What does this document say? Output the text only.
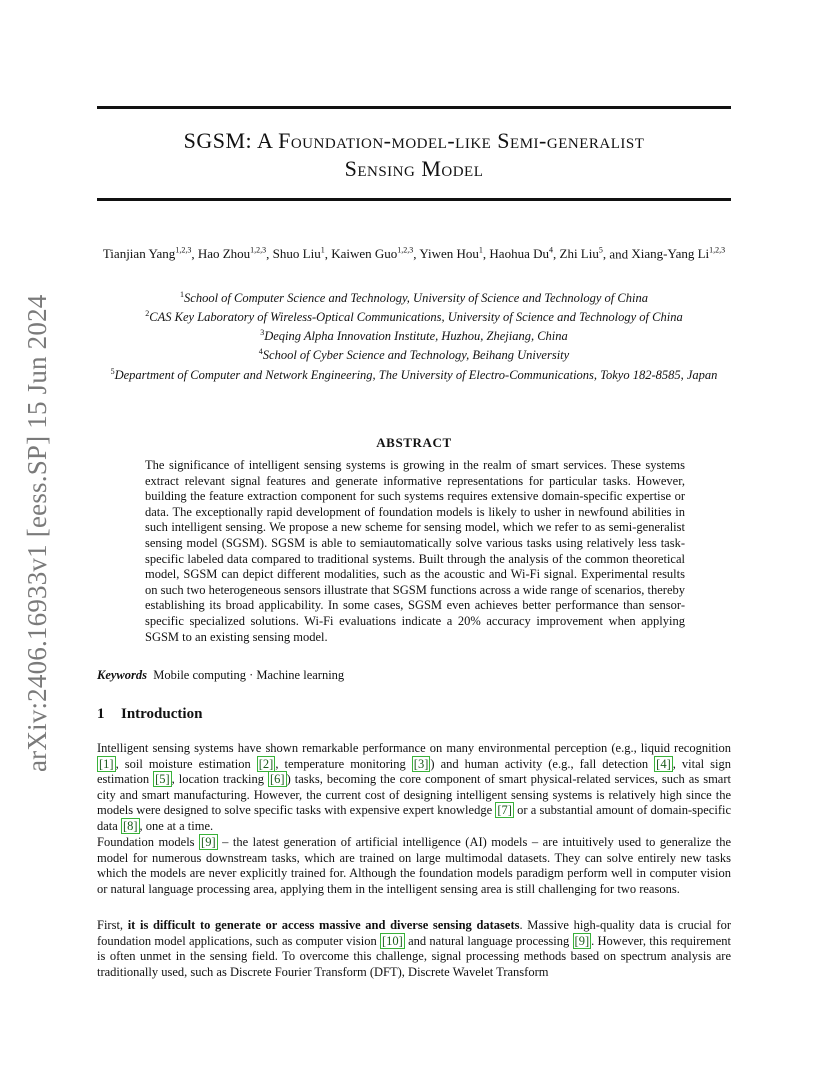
arXiv:2406.16933v1 [eess.SP] 15 Jun 2024
SGSM: A Foundation-model-like Semi-generalist
Sensing Model
Tianjian Yang$^{1,2,3}$, Hao Zhou$^{1,2,3}$, Shuo Liu$^1$, Kaiwen Guo$^{1,2,3}$, Yiwen Hou$^1$, Haohua Du$^4$, Zhi Liu$^5$, and Xiang-Yang Li$^{1,2,3}$
$^1$School of Computer Science and Technology, University of Science and Technology of China
$^2$CAS Key Laboratory of Wireless-Optical Communications, University of Science and Technology of China
$^3$Deqing Alpha Innovation Institute, Huzhou, Zhejiang, China
$^4$School of Cyber Science and Technology, Beihang University
$^5$Department of Computer and Network Engineering, The University of Electro-Communications, Tokyo 182-8585, Japan
ABSTRACT
The significance of intelligent sensing systems is growing in the realm of smart services. These systems extract relevant signal features and generate informative representations for particular tasks. However, building the feature extraction component for such systems requires extensive domain-specific expertise or data. The exceptionally rapid development of foundation models is likely to usher in newfound abilities in such intelligent sensing. We propose a new scheme for sensing model, which we refer to as semi-generalist sensing model (SGSM). SGSM is able to semiautomatically solve various tasks using relatively less task-specific labeled data compared to traditional systems. Built through the analysis of the common theoretical model, SGSM can depict different modalities, such as the acoustic and Wi-Fi signal. Experimental results on such two heterogeneous sensors illustrate that SGSM functions across a wide range of scenarios, thereby establishing its broad applicability. In some cases, SGSM even achieves better performance than sensor-specific specialized solutions. Wi-Fi evaluations indicate a 20% accuracy improvement when applying SGSM to an existing sensing model.
Keywords Mobile computing · Machine learning
1 Introduction
Intelligent sensing systems have shown remarkable performance on many environmental perception (e.g., liquid recognition [1] , soil moisture estimation [2] , temperature monitoring [3] ) and human activity (e.g., fall detection [4] , vital sign estimation [5] , location tracking [6] ) tasks, becoming the core component of smart physical-related services, such as smart city and smart manufacturing. However, the current cost of designing intelligent sensing systems is relatively high since the models were designed to solve specific tasks with expensive expert knowledge [7] or a substantial amount of domain-specific data [8] , one at a time.
Foundation models [9] – the latest generation of artificial intelligence (AI) models – are intuitively used to generalize the model for numerous downstream tasks, which are trained on large multimodal datasets. They can solve entirely new tasks which the models are never explicitly trained for. Although the foundation models paradigm perform well in computer vision or natural language processing area, applying them in the intelligent sensing area is still challenging for two reasons.
First, it is difficult to generate or access massive and diverse sensing datasets. Massive high-quality data is crucial for foundation model applications, such as computer vision [10] and natural language processing [9] . However, this requirement is often unmet in the sensing field. To overcome this challenge, signal processing methods based on spectrum analysis are traditionally used, such as Discrete Fourier Transform (DFT), Discrete Wavelet Transform
